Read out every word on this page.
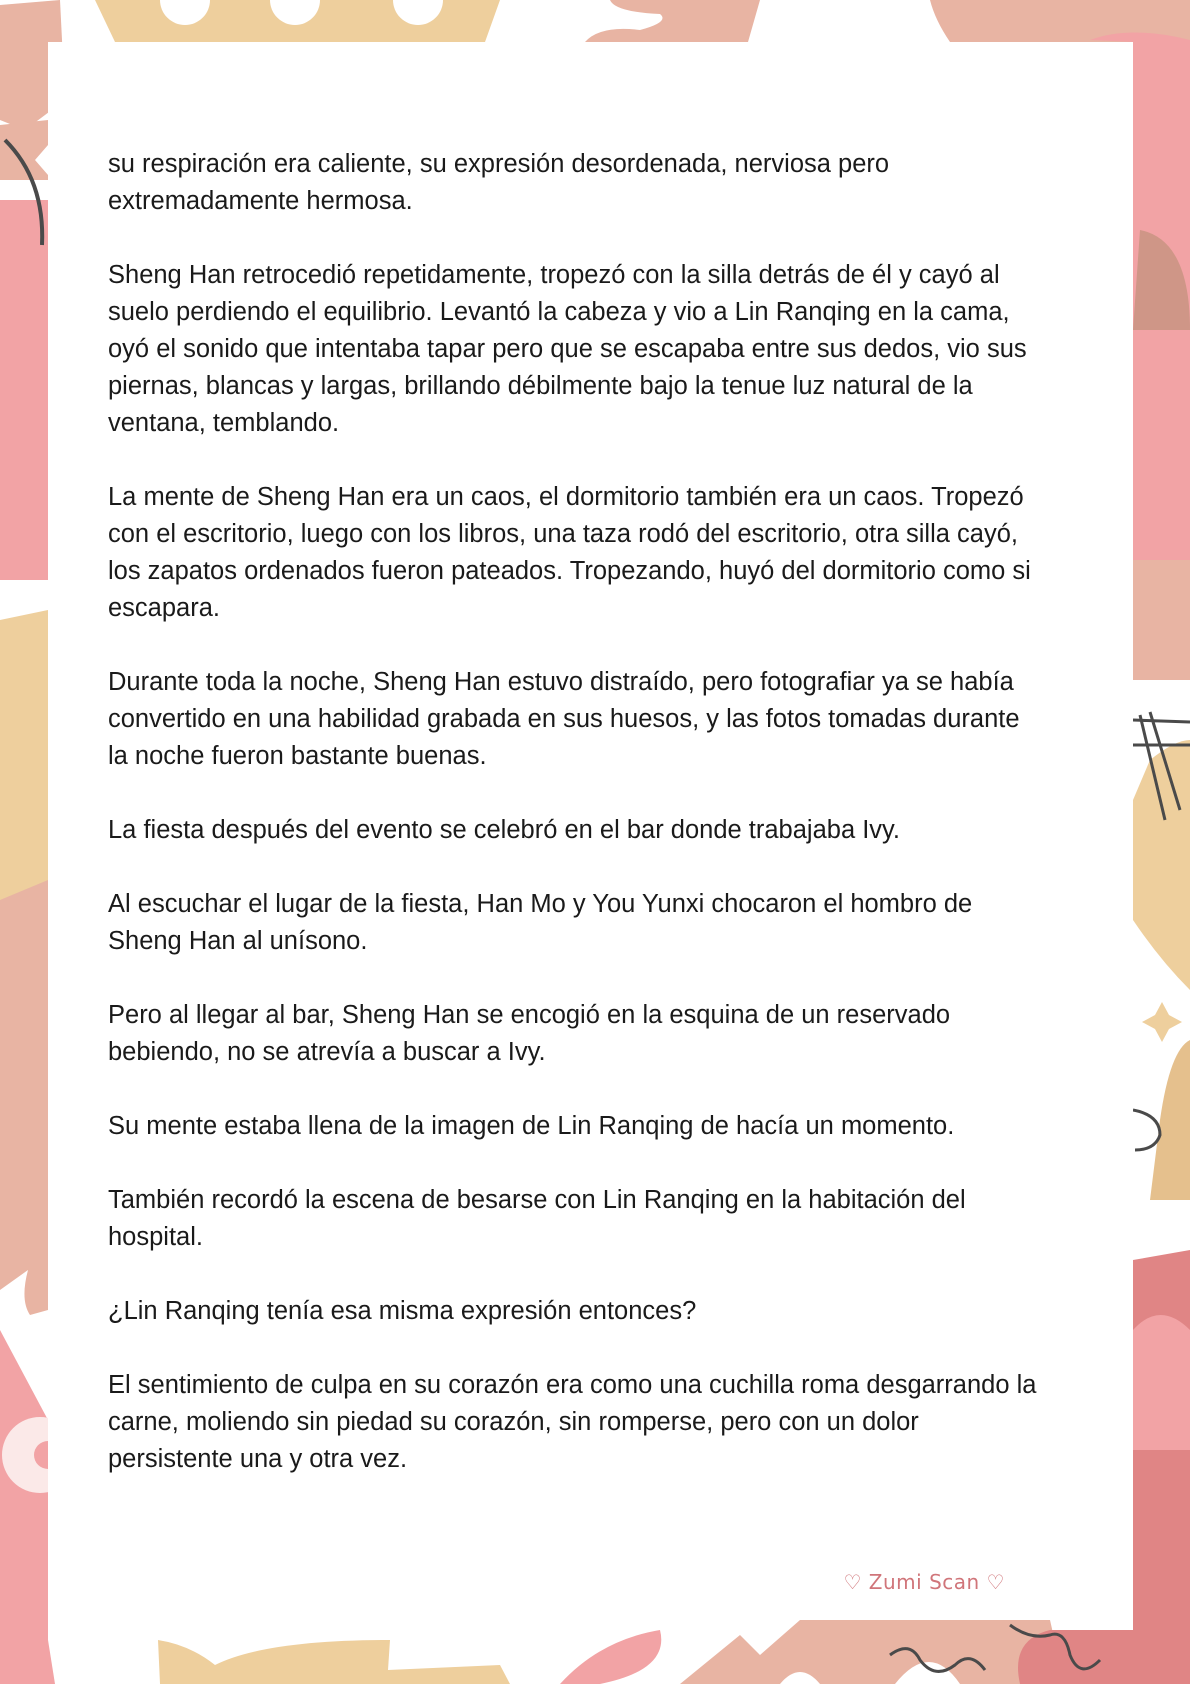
su respiración era caliente, su expresión desordenada, nerviosa pero extremadamente hermosa.

Sheng Han retrocedió repetidamente, tropezó con la silla detrás de él y cayó al suelo perdiendo el equilibrio. Levantó la cabeza y vio a Lin Ranqing en la cama, oyó el sonido que intentaba tapar pero que se escapaba entre sus dedos, vio sus piernas, blancas y largas, brillando débilmente bajo la tenue luz natural de la ventana, temblando.

La mente de Sheng Han era un caos, el dormitorio también era un caos. Tropezó con el escritorio, luego con los libros, una taza rodó del escritorio, otra silla cayó, los zapatos ordenados fueron pateados. Tropezando, huyó del dormitorio como si escapara.

Durante toda la noche, Sheng Han estuvo distraído, pero fotografiar ya se había convertido en una habilidad grabada en sus huesos, y las fotos tomadas durante la noche fueron bastante buenas.

La fiesta después del evento se celebró en el bar donde trabajaba Ivy.

Al escuchar el lugar de la fiesta, Han Mo y You Yunxi chocaron el hombro de Sheng Han al unísono.

Pero al llegar al bar, Sheng Han se encogió en la esquina de un reservado bebiendo, no se atrevía a buscar a Ivy.

Su mente estaba llena de la imagen de Lin Ranqing de hacía un momento.

También recordó la escena de besarse con Lin Ranqing en la habitación del hospital.

¿Lin Ranqing tenía esa misma expresión entonces?

El sentimiento de culpa en su corazón era como una cuchilla roma desgarrando la carne, moliendo sin piedad su corazón, sin romperse, pero con un dolor persistente una y otra vez.

♡ Zumi Scan ♡
